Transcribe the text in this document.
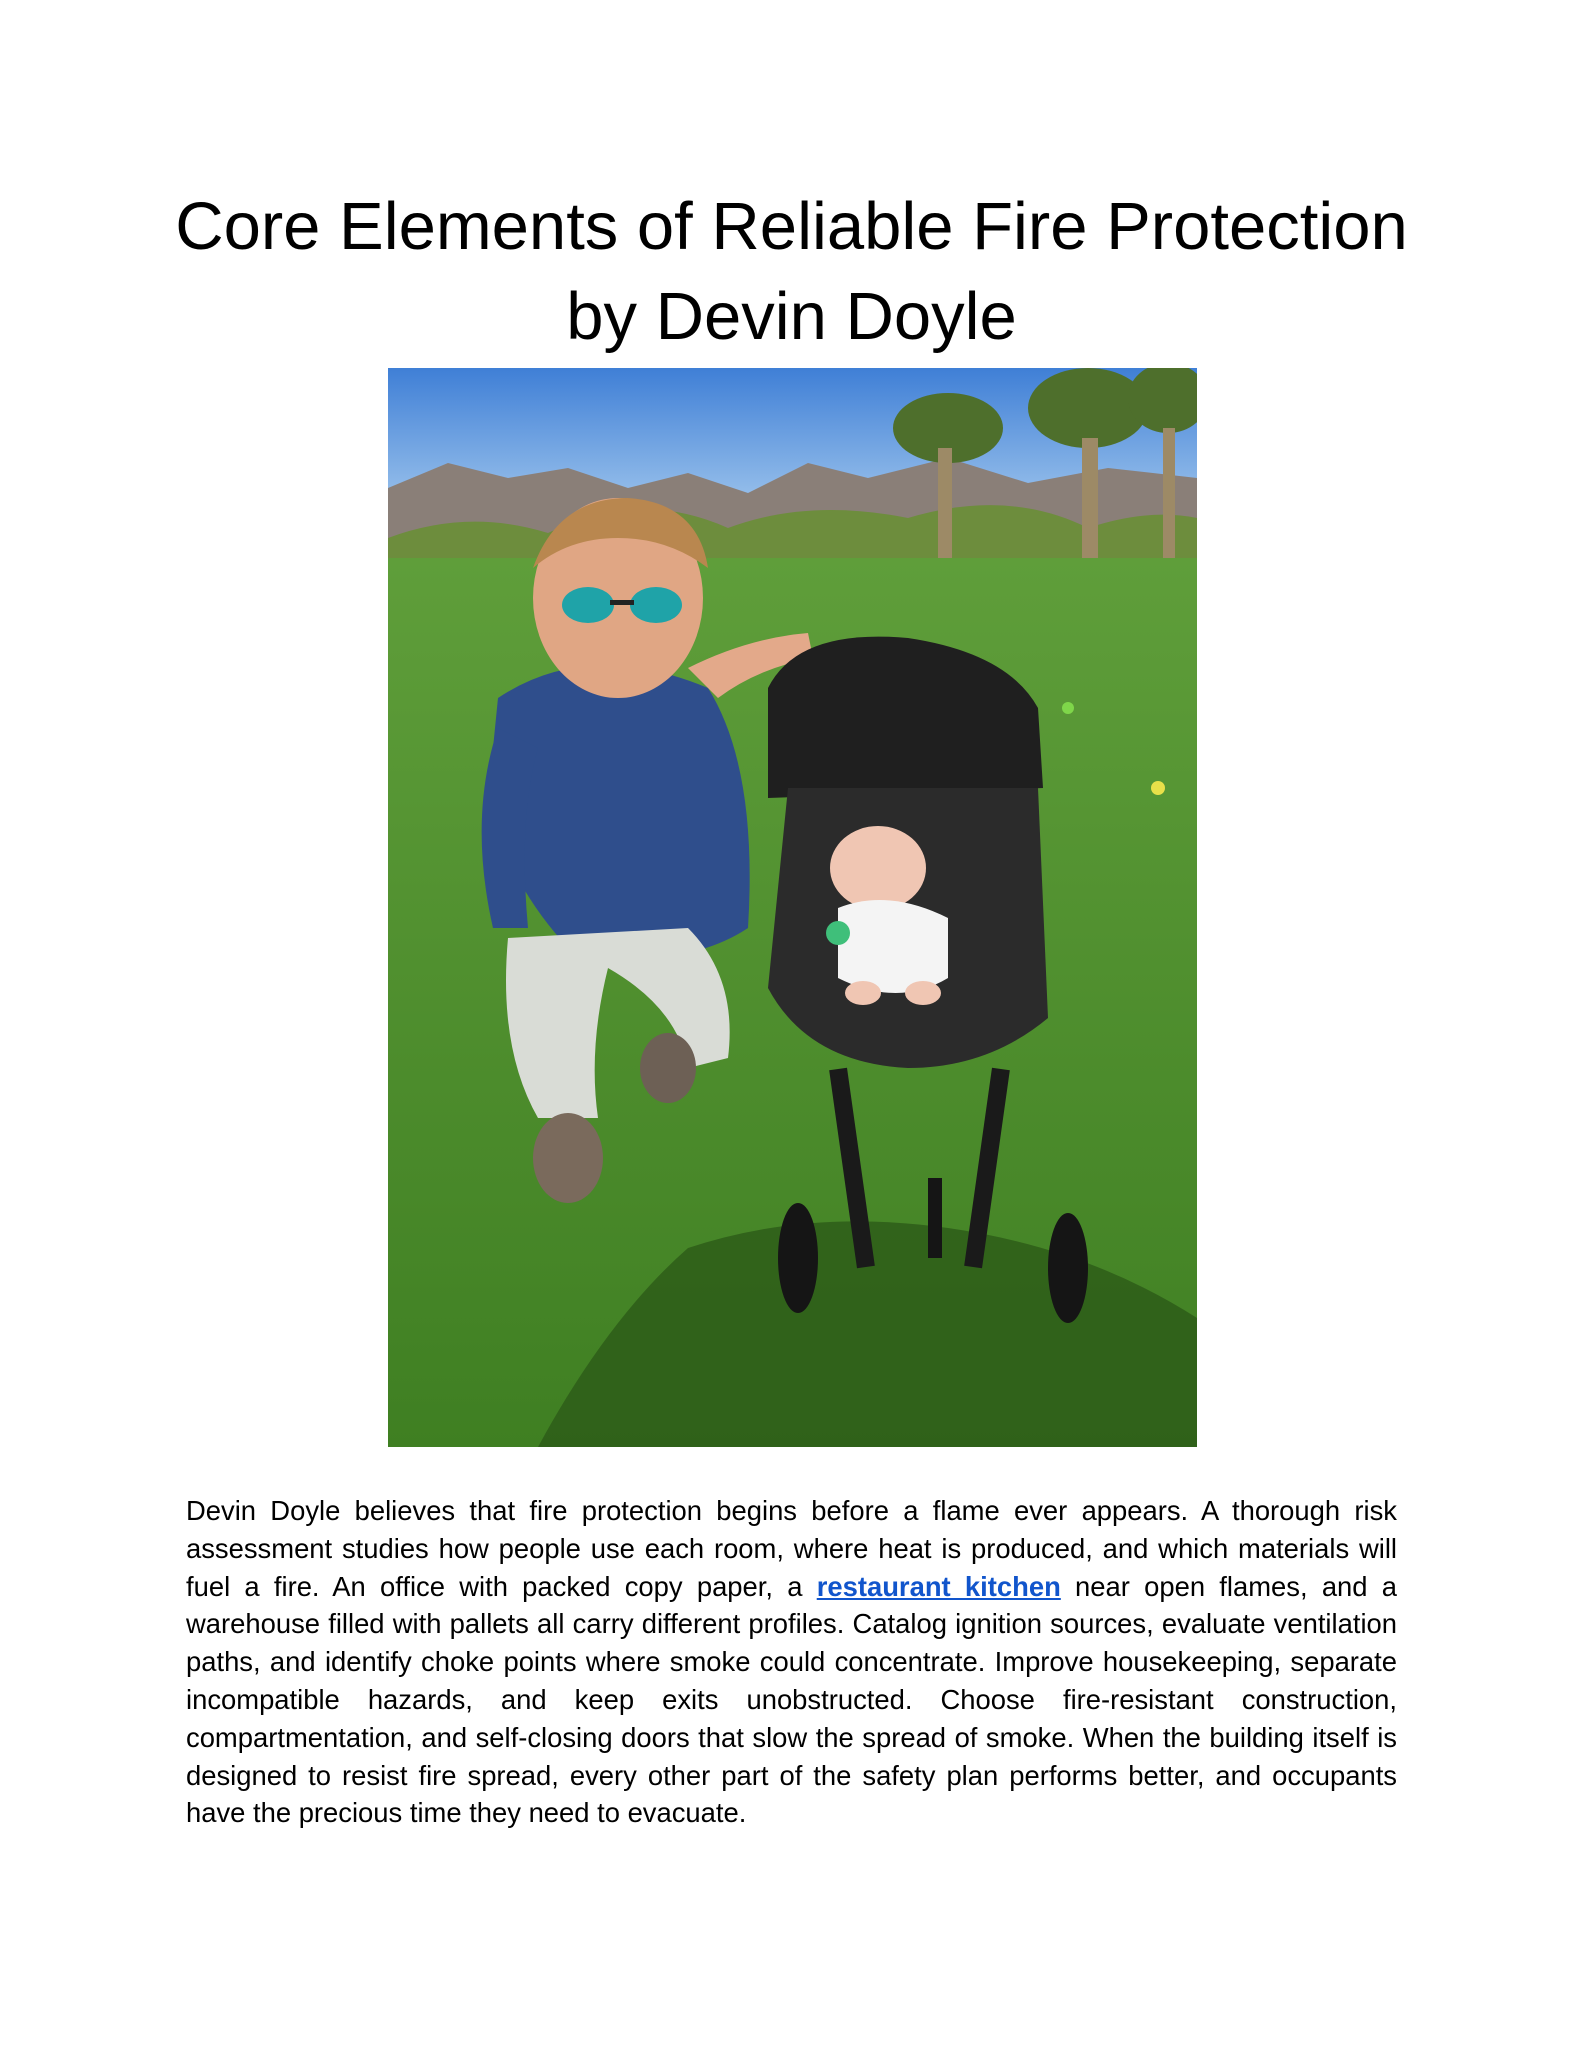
Core Elements of Reliable Fire Protection
by Devin Doyle

Devin Doyle believes that fire protection begins before a flame ever appears. A thorough risk assessment studies how people use each room, where heat is produced, and which materials will fuel a fire. An office with packed copy paper, a restaurant kitchen near open flames, and a warehouse filled with pallets all carry different profiles. Catalog ignition sources, evaluate ventilation paths, and identify choke points where smoke could concentrate. Improve housekeeping, separate incompatible hazards, and keep exits unobstructed. Choose fire-resistant construction, compartmentation, and self-closing doors that slow the spread of smoke. When the building itself is designed to resist fire spread, every other part of the safety plan performs better, and occupants have the precious time they need to evacuate.
